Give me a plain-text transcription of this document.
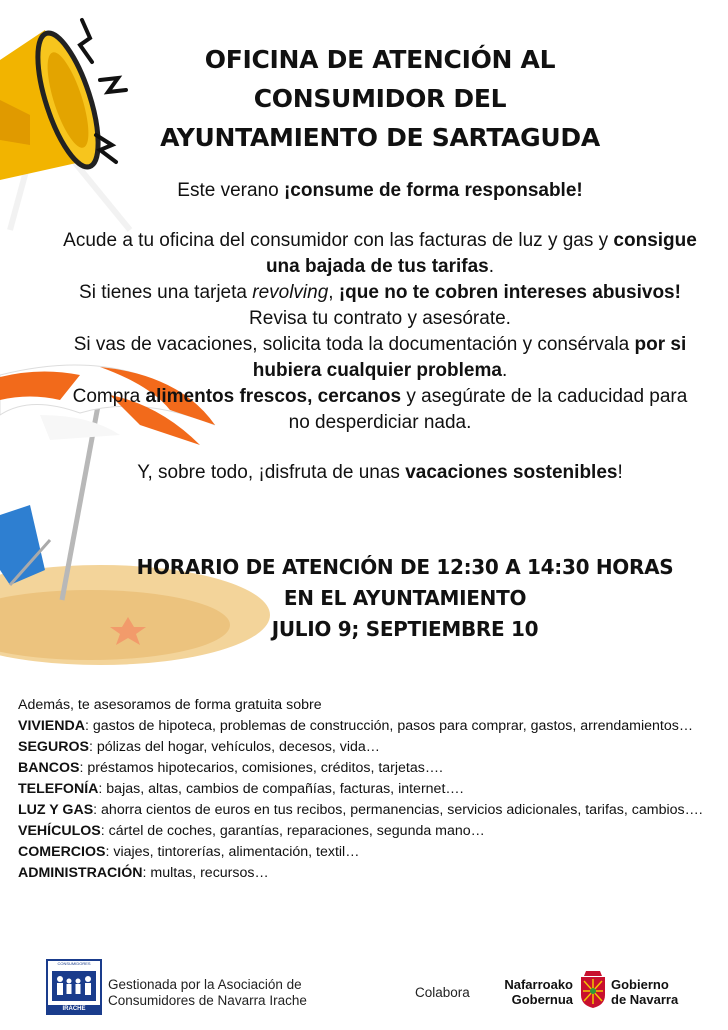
OFICINA DE ATENCIÓN AL
CONSUMIDOR DEL
AYUNTAMIENTO DE SARTAGUDA

Este verano ¡consume de forma responsable!

Acude a tu oficina del consumidor con las facturas de luz y gas y consigue una bajada de tus tarifas.

Si tienes una tarjeta revolving, ¡que no te cobren intereses abusivos! Revisa tu contrato y asesórate.

Si vas de vacaciones, solicita toda la documentación y consérvala por si hubiera cualquier problema.

Compra alimentos frescos, cercanos y asegúrate de la caducidad para no desperdiciar nada.

Y, sobre todo, ¡disfruta de unas vacaciones sostenibles!

HORARIO DE ATENCIÓN DE 12:30 A 14:30 HORAS
EN EL AYUNTAMIENTO
JULIO 9; SEPTIEMBRE 10

Además, te asesoramos de forma gratuita sobre

VIVIENDA: gastos de hipoteca, problemas de construcción, pasos para comprar, gastos, arrendamientos…

SEGUROS: pólizas del hogar, vehículos, decesos, vida…

BANCOS: préstamos hipotecarios, comisiones, créditos, tarjetas….

TELEFONÍA: bajas, altas, cambios de compañías, facturas, internet….

LUZ Y GAS: ahorra cientos de euros en tus recibos, permanencias, servicios adicionales, tarifas, cambios….

VEHÍCULOS: cártel de coches, garantías, reparaciones, segunda mano…

COMERCIOS: viajes, tintorerías, alimentación, textil…

ADMINISTRACIÓN: multas, recursos…

CONSUMIDORES
IRACHE
Gestionada por la Asociación de
Consumidores de Navarra Irache
Colabora
Nafarroako
Gobernua
Gobierno
de Navarra
